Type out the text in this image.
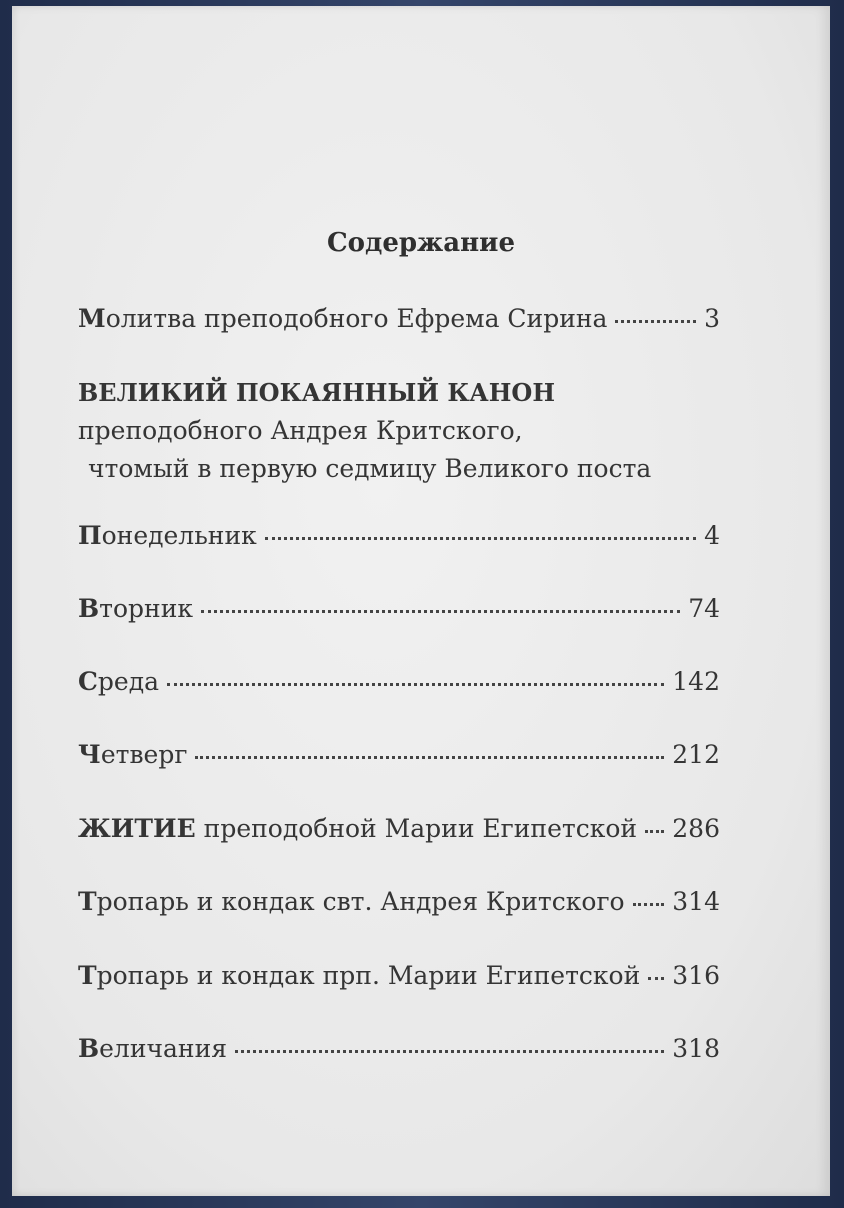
Содержание
Молитва преподобного Ефрема Сирина	3
ВЕЛИКИЙ ПОКАЯННЫЙ КАНОН
преподобного Андрея Критского,
чтомый в первую седмицу Великого поста
Понедельник	4
Вторник	74
Среда	142
Четверг	212
ЖИТИЕ преподобной Марии Египетской 286
Тропарь и кондак свт. Андрея Критского 314
Тропарь и кондак прп. Марии Египетской 316
Величания	318
